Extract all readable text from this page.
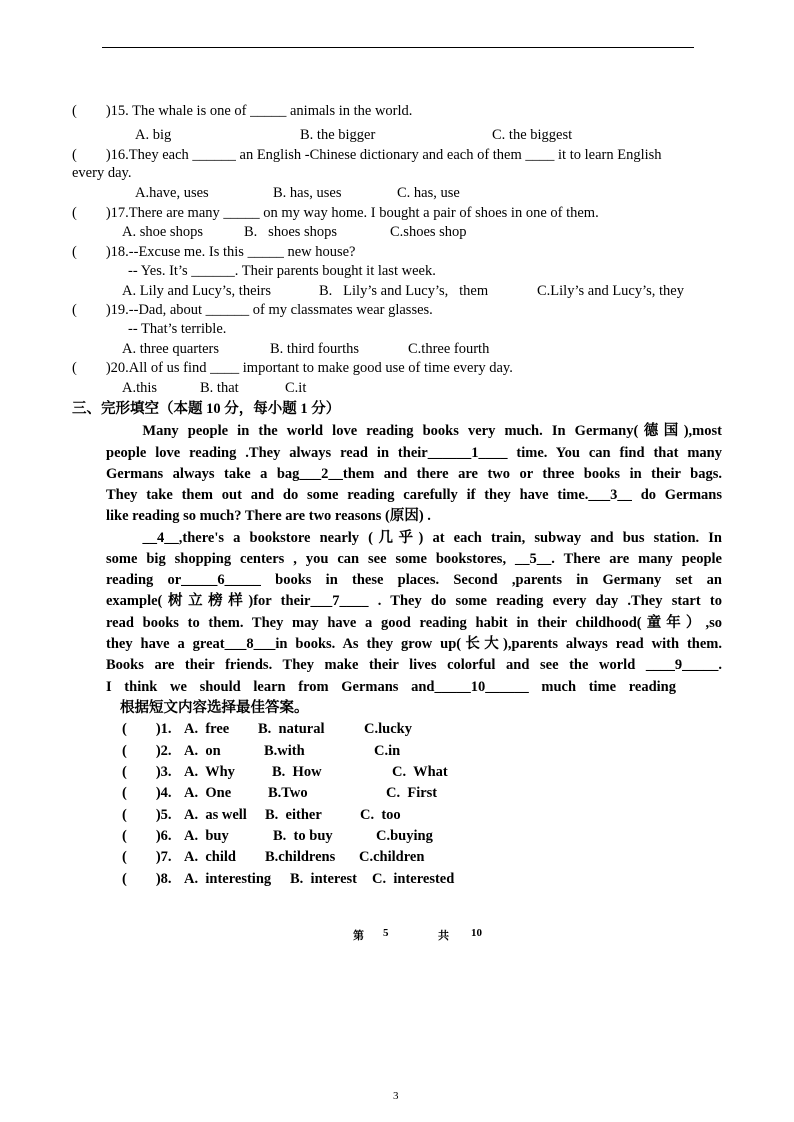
(        )15. The whale is one of _____ animals in the world.
A. big	B. the bigger	C. the biggest
(        )16.They each ______ an English -Chinese dictionary and each of them ____ it to learn English
every day.
A.have, uses	B. has, uses	C. has, use
(        )17.There are many _____ on my way home. I bought a pair of shoes in one of them.
A. shoe shops	B.   shoes shops	C.shoes shop
(        )18.--Excuse me. Is this _____ new house?
-- Yes. It’s ______. Their parents bought it last week.
A. Lily and Lucy’s, theirs	B.   Lily’s and Lucy’s,   them	C.Lily’s and Lucy’s, they
(        )19.--Dad, about ______ of my classmates wear glasses.
-- That’s terrible.
A. three quarters	B. third fourths	C.three fourth
(        )20.All of us find ____ important to make good use of time every day.
A.this	B. that	C.it
三、完形填空（本题 10 分，每小题 1 分）
Many people in the world love reading books very much. In Germany(德国),most
people love reading .They always read in their______1____ time. You can find that many
Germans always take a bag___2__them and there are two or three books in their bags.
They take them out and do some reading carefully if they have time.___3__ do Germans
like reading so much? There are two reasons (原因) .
__4__,there's a bookstore nearly (几乎) at each train, subway and bus station. In
some big shopping centers , you can see some bookstores, __5__. There are many people
reading or_____6_____ books in these places. Second ,parents in Germany set an
example(树立榜样)for their___7____ . They do some reading every day .They start to
read books to them. They may have a good reading habit in their childhood(童年）,so
they have a great___8___in books. As they grow up(长大),parents always read with them.
Books are their friends. They make their lives colorful and see the world ____9_____.
I think we should learn from Germans and_____10______ much time reading
根据短文内容选择最佳答案。
(        )1. A.  free B.  natural	C.lucky
(        )2. A.  on	B.with	C.in
(        )3. A.  Why	B.  How	C.  What
(        )4. A.  One	B.Two	C.  First
(        )5. A.  as well B.  either	C.  too
(        )6. A.  buy	B.  to buy	C.buying
(        )7. A.  child B.childrens C.children
(        )8. A.  interesting B.  interest C.  interested
第 5	共 10
3
